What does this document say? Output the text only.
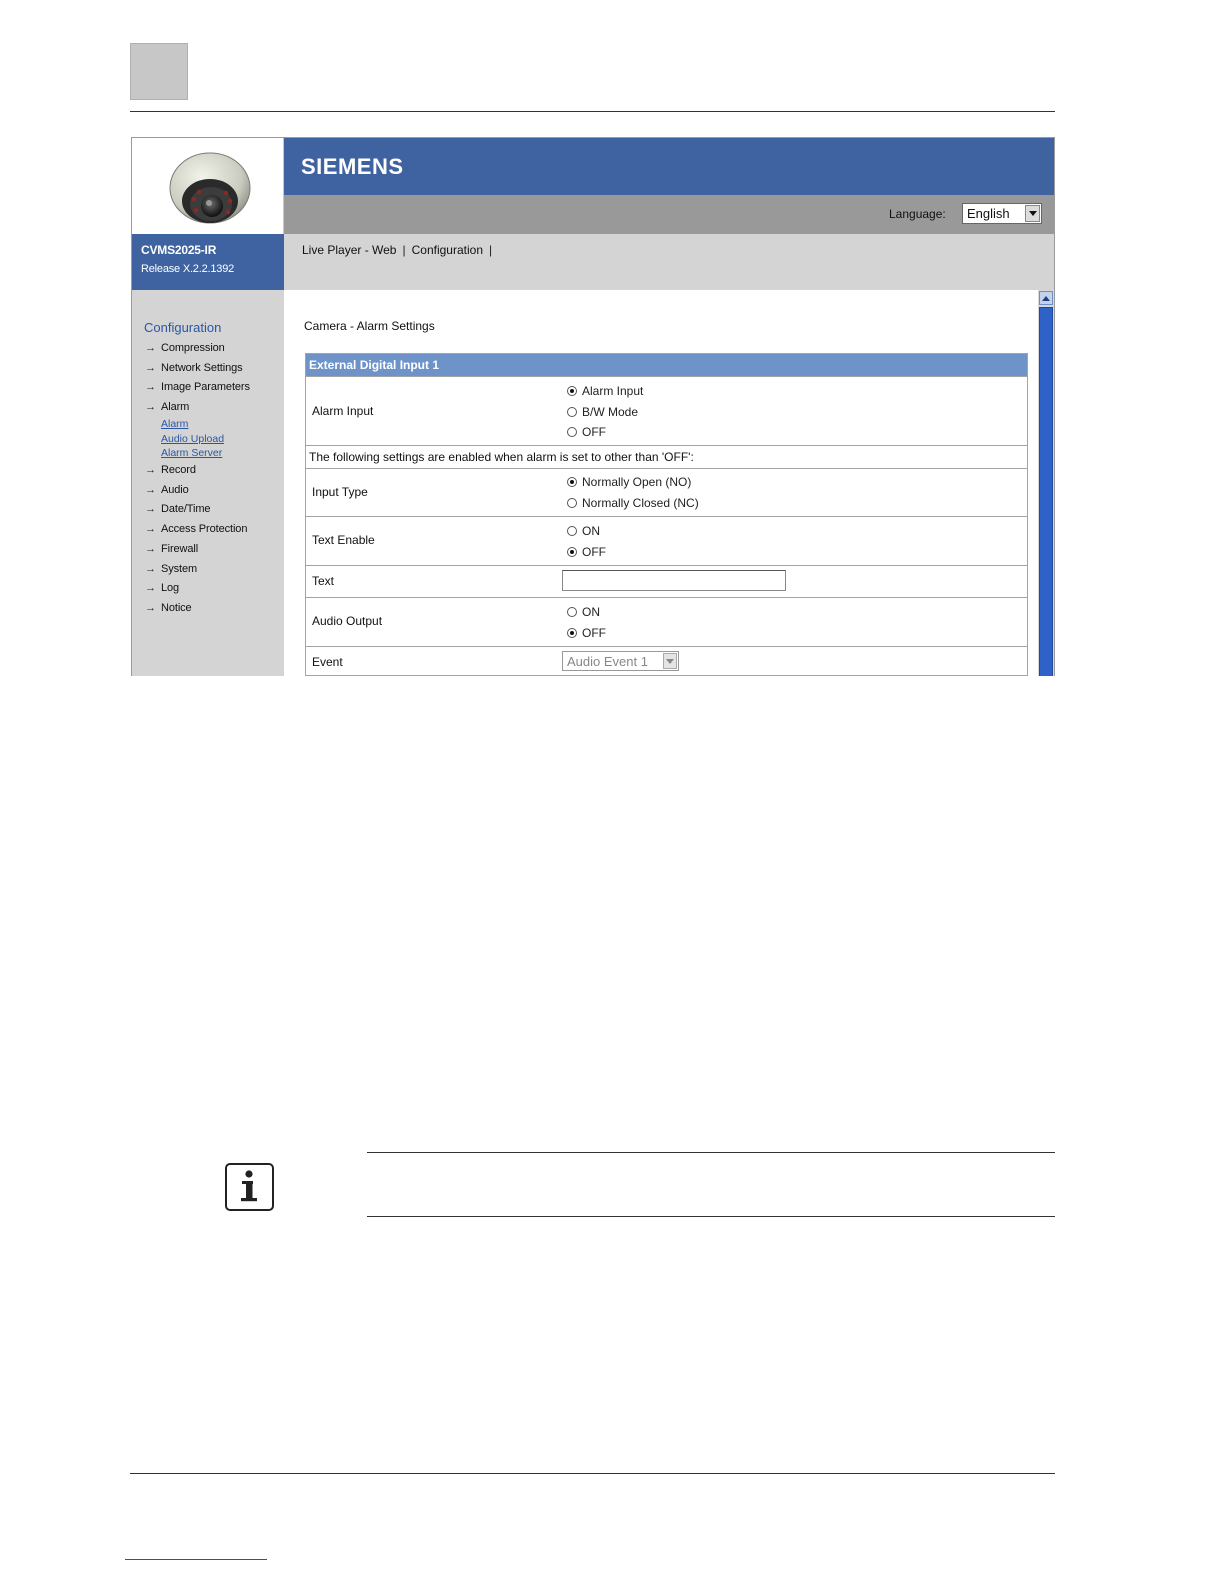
CVMS2025-IR
Release X.2.2.1392
Configuration
→ Compression
→ Network Settings
→ Image Parameters
→ Alarm
Alarm
Audio Upload
Alarm Server
→ Record
→ Audio
→ Date/Time
→ Access Protection
→ Firewall
→ System
→ Log
→ Notice
SIEMENS
Language: English
Live Player - Web | Configuration |
Camera - Alarm Settings
External Digital Input 1
Alarm Input
Alarm Input
B/W Mode
OFF
The following settings are enabled when alarm is set to other than 'OFF':
Input Type
Normally Open (NO)
Normally Closed (NC)
Text Enable
ON
OFF
Text
Audio Output
ON
OFF
Event	Audio Event 1
